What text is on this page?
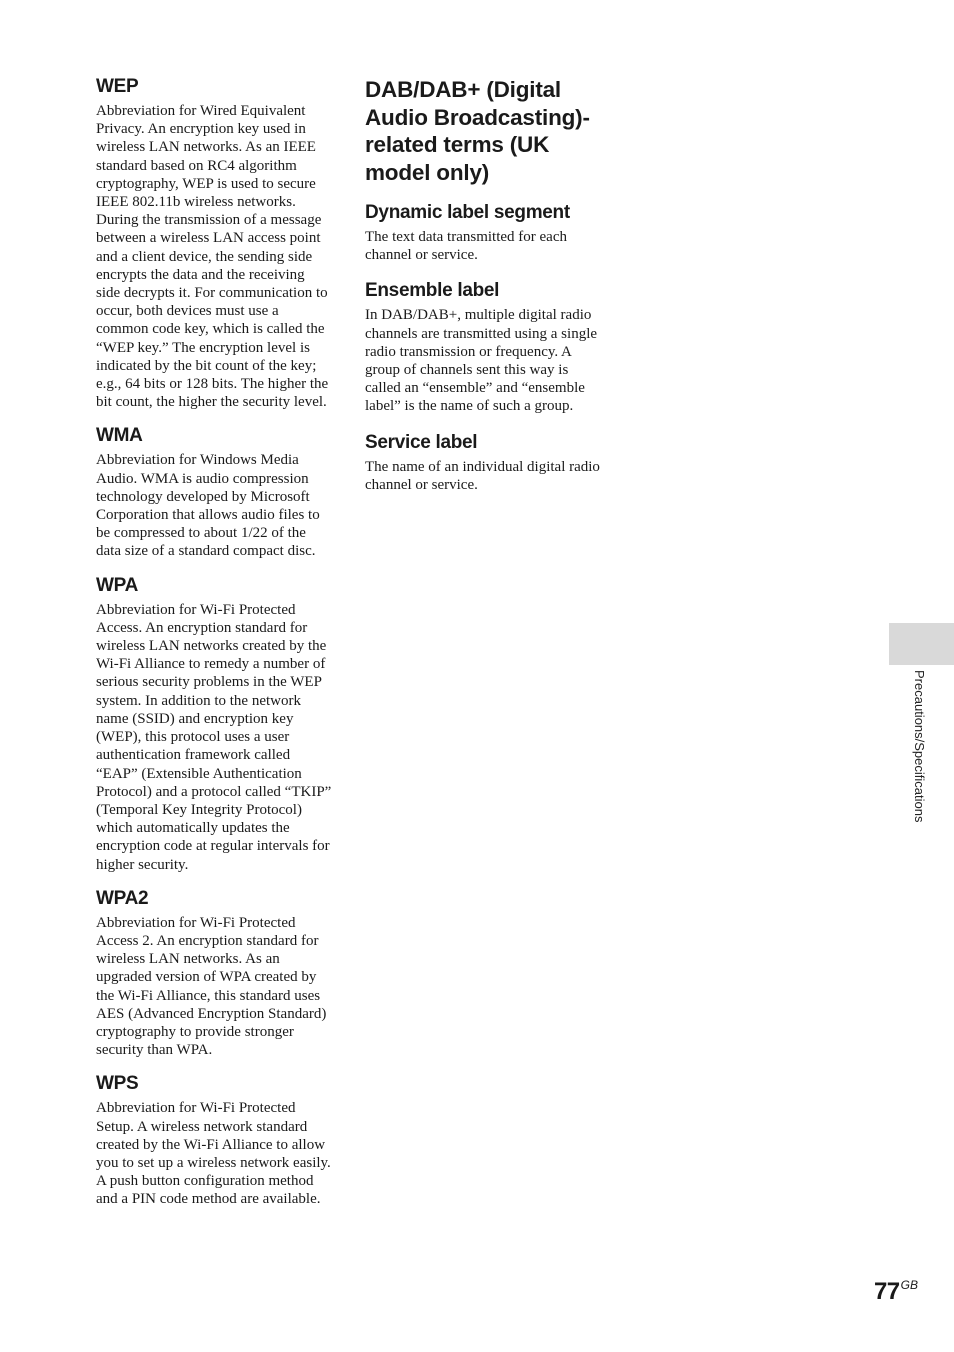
WEP

Abbreviation for Wired Equivalent Privacy. An encryption key used in wireless LAN networks. As an IEEE standard based on RC4 algorithm cryptography, WEP is used to secure IEEE 802.11b wireless networks. During the transmission of a message between a wireless LAN access point and a client device, the sending side encrypts the data and the receiving side decrypts it. For communication to occur, both devices must use a common code key, which is called the “WEP key.” The encryption level is indicated by the bit count of the key; e.g., 64 bits or 128 bits. The higher the bit count, the higher the security level.

WMA

Abbreviation for Windows Media Audio. WMA is audio compression technology developed by Microsoft Corporation that allows audio files to be compressed to about 1/22 of the data size of a standard compact disc.

WPA

Abbreviation for Wi-Fi Protected Access. An encryption standard for wireless LAN networks created by the Wi-Fi Alliance to remedy a number of serious security problems in the WEP system. In addition to the network name (SSID) and encryption key (WEP), this protocol uses a user authentication framework called “EAP” (Extensible Authentication Protocol) and a protocol called “TKIP” (Temporal Key Integrity Protocol) which automatically updates the encryption code at regular intervals for higher security.

WPA2

Abbreviation for Wi-Fi Protected Access 2. An encryption standard for wireless LAN networks. As an upgraded version of WPA created by the Wi-Fi Alliance, this standard uses AES (Advanced Encryption Standard) cryptography to provide stronger security than WPA.

WPS

Abbreviation for Wi-Fi Protected Setup. A wireless network standard created by the Wi-Fi Alliance to allow you to set up a wireless network easily. A push button configuration method and a PIN code method are available.

DAB/DAB+ (Digital Audio Broadcasting)-related terms (UK model only)
Dynamic label segment

The text data transmitted for each channel or service.

Ensemble label

In DAB/DAB+, multiple digital radio channels are transmitted using a single radio transmission or frequency. A group of channels sent this way is called an “ensemble” and “ensemble label” is the name of such a group.

Service label

The name of an individual digital radio channel or service.

Precautions/Specifications
$77^{GB}$
